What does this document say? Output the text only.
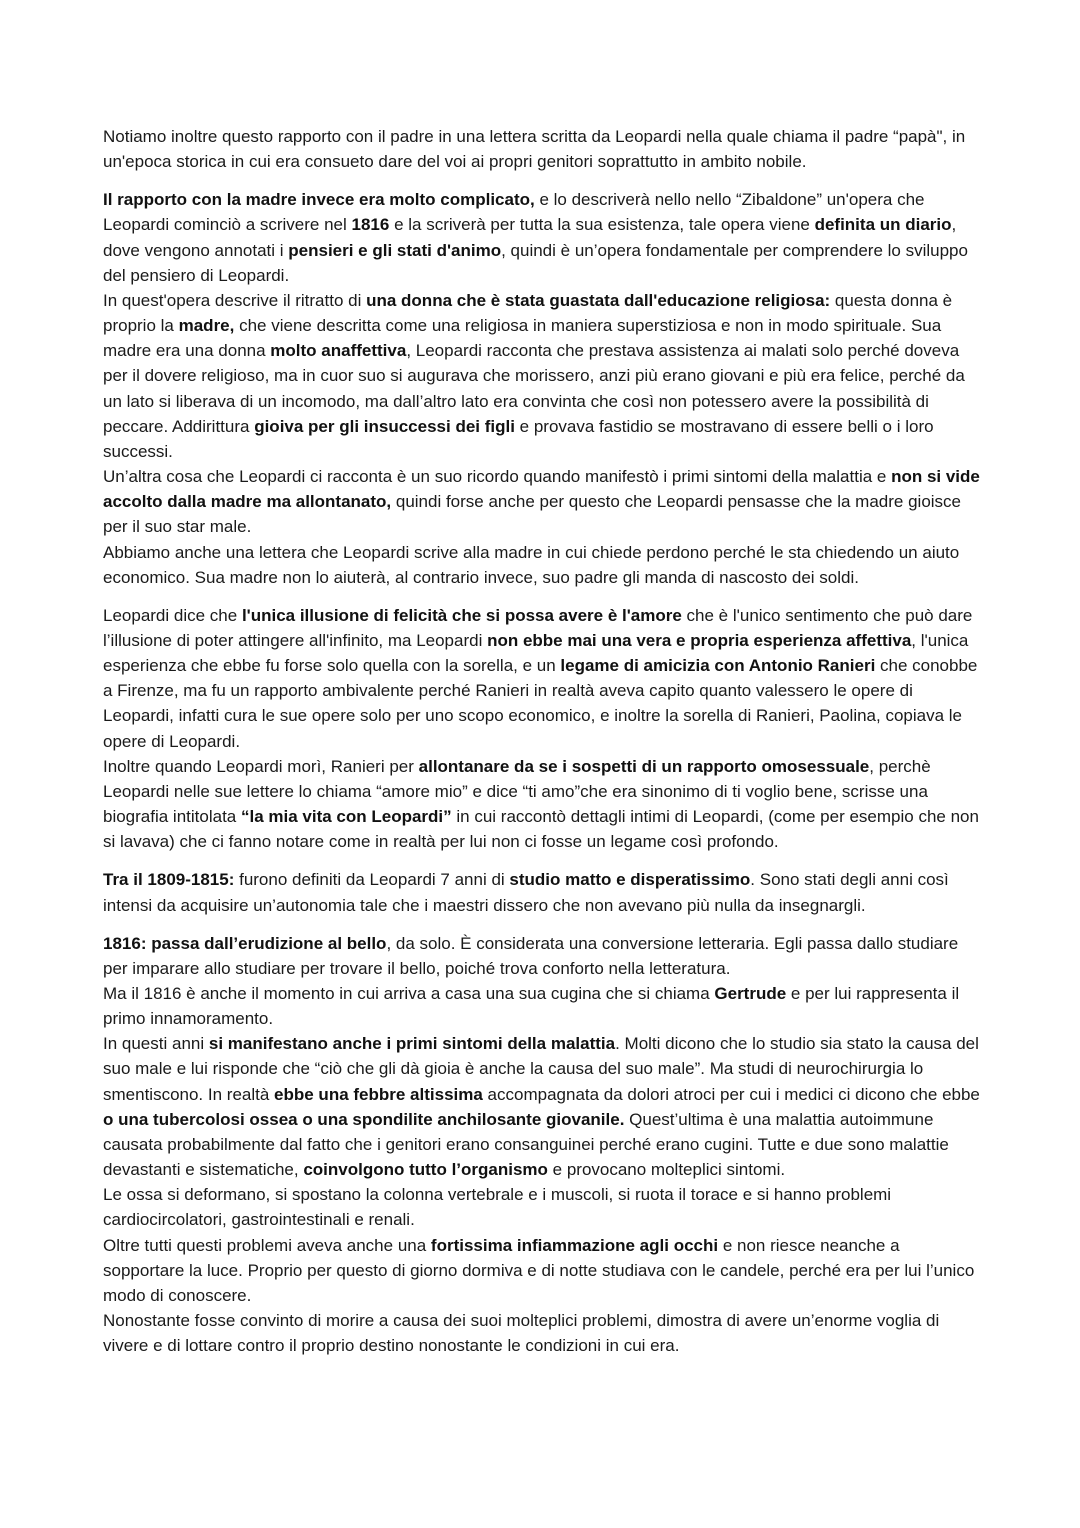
Notiamo inoltre questo rapporto con il padre in una lettera scritta da Leopardi nella quale chiama il padre “papà", in un'epoca storica in cui era consueto dare del voi ai propri genitori soprattutto in ambito nobile.

Il rapporto con la madre invece era molto complicato, e lo descriverà nello nello “Zibaldone” un'opera che Leopardi cominciò a scrivere nel 1816 e la scriverà per tutta la sua esistenza, tale opera viene definita un diario, dove vengono annotati i pensieri e gli stati d'animo, quindi è un’opera fondamentale per comprendere lo sviluppo del pensiero di Leopardi.

In quest'opera descrive il ritratto di una donna che è stata guastata dall'educazione religiosa: questa donna è proprio la madre, che viene descritta come una religiosa in maniera superstiziosa e non in modo spirituale. Sua madre era una donna molto anaffettiva, Leopardi racconta che prestava assistenza ai malati solo perché doveva per il dovere religioso, ma in cuor suo si augurava che morissero, anzi più erano giovani e più era felice, perché da un lato si liberava di un incomodo, ma dall’altro lato era convinta che così non potessero avere la possibilità di peccare. Addirittura gioiva per gli insuccessi dei figli e provava fastidio se mostravano di essere belli o i loro successi.

Un’altra cosa che Leopardi ci racconta è un suo ricordo quando manifestò i primi sintomi della malattia e non si vide accolto dalla madre ma allontanato, quindi forse anche per questo che Leopardi pensasse che la madre gioisce per il suo star male.

Abbiamo anche una lettera che Leopardi scrive alla madre in cui chiede perdono perché le sta chiedendo un aiuto economico. Sua madre non lo aiuterà, al contrario invece, suo padre gli manda di nascosto dei soldi.

Leopardi dice che l'unica illusione di felicità che si possa avere è l'amore che è l'unico sentimento che può dare l’illusione di poter attingere all'infinito, ma Leopardi non ebbe mai una vera e propria esperienza affettiva, l'unica esperienza che ebbe fu forse solo quella con la sorella, e un legame di amicizia con Antonio Ranieri che conobbe a Firenze, ma fu un rapporto ambivalente perché Ranieri in realtà aveva capito quanto valessero le opere di Leopardi, infatti cura le sue opere solo per uno scopo economico, e inoltre la sorella di Ranieri, Paolina, copiava le opere di Leopardi.

Inoltre quando Leopardi morì, Ranieri per allontanare da se i sospetti di un rapporto omosessuale, perchè Leopardi nelle sue lettere lo chiama “amore mio” e dice “ti amo”che era sinonimo di ti voglio bene, scrisse una biografia intitolata “la mia vita con Leopardi” in cui raccontò dettagli intimi di Leopardi, (come per esempio che non si lavava) che ci fanno notare come in realtà per lui non ci fosse un legame così profondo.

Tra il 1809-1815: furono definiti da Leopardi 7 anni di studio matto e disperatissimo. Sono stati degli anni così intensi da acquisire un’autonomia tale che i maestri dissero che non avevano più nulla da insegnargli.

1816: passa dall’erudizione al bello, da solo. È considerata una conversione letteraria. Egli passa dallo studiare per imparare allo studiare per trovare il bello, poiché trova conforto nella letteratura.

Ma il 1816 è anche il momento in cui arriva a casa una sua cugina che si chiama Gertrude e per lui rappresenta il primo innamoramento.

In questi anni si manifestano anche i primi sintomi della malattia. Molti dicono che lo studio sia stato la causa del suo male e lui risponde che “ciò che gli dà gioia è anche la causa del suo male”. Ma studi di neurochirurgia lo smentiscono. In realtà ebbe una febbre altissima accompagnata da dolori atroci per cui i medici ci dicono che ebbe o una tubercolosi ossea o una spondilite anchilosante giovanile. Quest’ultima è una malattia autoimmune causata probabilmente dal fatto che i genitori erano consanguinei perché erano cugini. Tutte e due sono malattie devastanti e sistematiche, coinvolgono tutto l’organismo e provocano molteplici sintomi.

Le ossa si deformano, si spostano la colonna vertebrale e i muscoli, si ruota il torace e si hanno problemi cardiocircolatori, gastrointestinali e renali.

Oltre tutti questi problemi aveva anche una fortissima infiammazione agli occhi e non riesce neanche a sopportare la luce. Proprio per questo di giorno dormiva e di notte studiava con le candele, perché era per lui l’unico modo di conoscere.

Nonostante fosse convinto di morire a causa dei suoi molteplici problemi, dimostra di avere un’enorme voglia di vivere e di lottare contro il proprio destino nonostante le condizioni in cui era.
